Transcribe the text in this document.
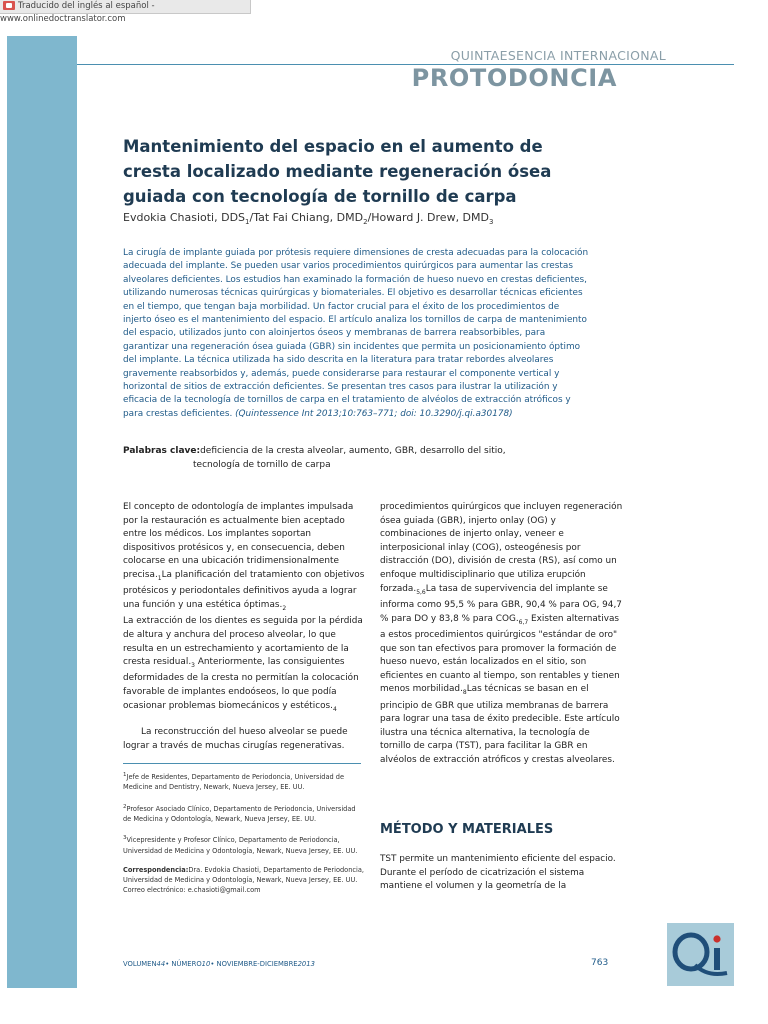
Traducido del inglés al español - www.onlinedoctranslator.com
QUINTAESENCIA INTERNACIONAL
PROTODONCIA
Mantenimiento del espacio en el aumento de cresta localizado mediante regeneración ósea guiada con tecnología de tornillo de carpa
Evdokia Chasioti, $DDS_1$/Tat Fai Chiang, $DMD_2$/Howard J. Drew, $DMD_3$
La cirugía de implante guiada por prótesis requiere dimensiones de cresta adecuadas para la colocación adecuada del implante. Se pueden usar varios procedimientos quirúrgicos para aumentar las crestas alveolares deficientes. Los estudios han examinado la formación de hueso nuevo en crestas deficientes, utilizando numerosas técnicas quirúrgicas y biomateriales. El objetivo es desarrollar técnicas eficientes en el tiempo, que tengan baja morbilidad. Un factor crucial para el éxito de los procedimientos de injerto óseo es el mantenimiento del espacio. El artículo analiza los tornillos de carpa de mantenimiento del espacio, utilizados junto con aloinjertos óseos y membranas de barrera reabsorbibles, para garantizar una regeneración ósea guiada (GBR) sin incidentes que permita un posicionamiento óptimo del implante. La técnica utilizada ha sido descrita en la literatura para tratar rebordes alveolares gravemente reabsorbidos y, además, puede considerarse para restaurar el componente vertical y horizontal de sitios de extracción deficientes. Se presentan tres casos para ilustrar la utilización y eficacia de la tecnología de tornillos de carpa en el tratamiento de alvéolos de extracción atróficos y para crestas deficientes. (Quintessence Int 2013;10:763–771; doi: 10.3290/j.qi.a30178)
Palabras clave:deficiencia de la cresta alveolar, aumento, GBR, desarrollo del sitio,
tecnología de tornillo de carpa

El concepto de odontología de implantes impulsada por la restauración es actualmente bien aceptado entre los médicos. Los implantes soportan dispositivos protésicos y, en consecuencia, deben colocarse en una ubicación tridimensionalmente $precisa._1La$ planificación del tratamiento con objetivos protésicos y periodontales definitivos ayuda a lograr una función y una estética $óptimas._2$

La extracción de los dientes es seguida por la pérdida de altura y anchura del proceso alveolar, lo que resulta en un estrechamiento y acortamiento de la cresta $residual._3$ Anteriormente, las consiguientes deformidades de la cresta no permitían la colocación favorable de implantes endoóseos, lo que podía ocasionar problemas biomecánicos y $estéticos._4$

La reconstrucción del hueso alveolar se puede lograr a través de muchas cirugías regenerativas.

procedimientos quirúrgicos que incluyen regeneración ósea guiada (GBR), injerto onlay (OG) y combinaciones de injerto onlay, veneer e interposicional inlay (COG), osteogénesis por distracción (DO), división de cresta (RS), así como un enfoque multidisciplinario que utiliza erupción $forzada._{5,6}La$ tasa de supervivencia del implante se informa como 95,5 % para GBR, 90,4 % para OG, 94,7 % para DO y 83,8 % para $COG._{6,7}$ Existen alternativas a estos procedimientos quirúrgicos "estándar de oro" que son tan efectivos para promover la formación de hueso nuevo, están localizados en el sitio, son eficientes en cuanto al tiempo, son rentables y tienen menos $morbilidad._8Las$ técnicas se basan en el principio de GBR que utiliza membranas de barrera para lograr una tasa de éxito predecible. Este artículo ilustra una técnica alternativa, la tecnología de tornillo de carpa (TST), para facilitar la GBR en alvéolos de extracción atróficos y crestas alveolares.

$^1$Jefe de Residentes, Departamento de Periodoncia, Universidad de Medicine and Dentistry, Newark, Nueva Jersey, EE. UU.

$^2$Profesor Asociado Clínico, Departamento de Periodoncia, Universidad de Medicina y Odontología, Newark, Nueva Jersey, EE. UU.

$^3$Vicepresidente y Profesor Clínico, Departamento de Periodoncia, Universidad de Medicina y Odontología, Newark, Nueva Jersey, EE. UU.

Correspondencia:Dra. Evdokia Chasioti, Departamento de Periodoncia, Universidad de Medicina y Odontología, Newark, Nueva Jersey, EE. UU. Correo electrónico: e.chasioti@gmail.com

MÉTODO Y MATERIALES
TST permite un mantenimiento eficiente del espacio. Durante el período de cicatrización el sistema mantiene el volumen y la geometría de la
VOLUMEN44• NÚMERO10• NOVIEMBRE-DICIEMBRE2013	763
